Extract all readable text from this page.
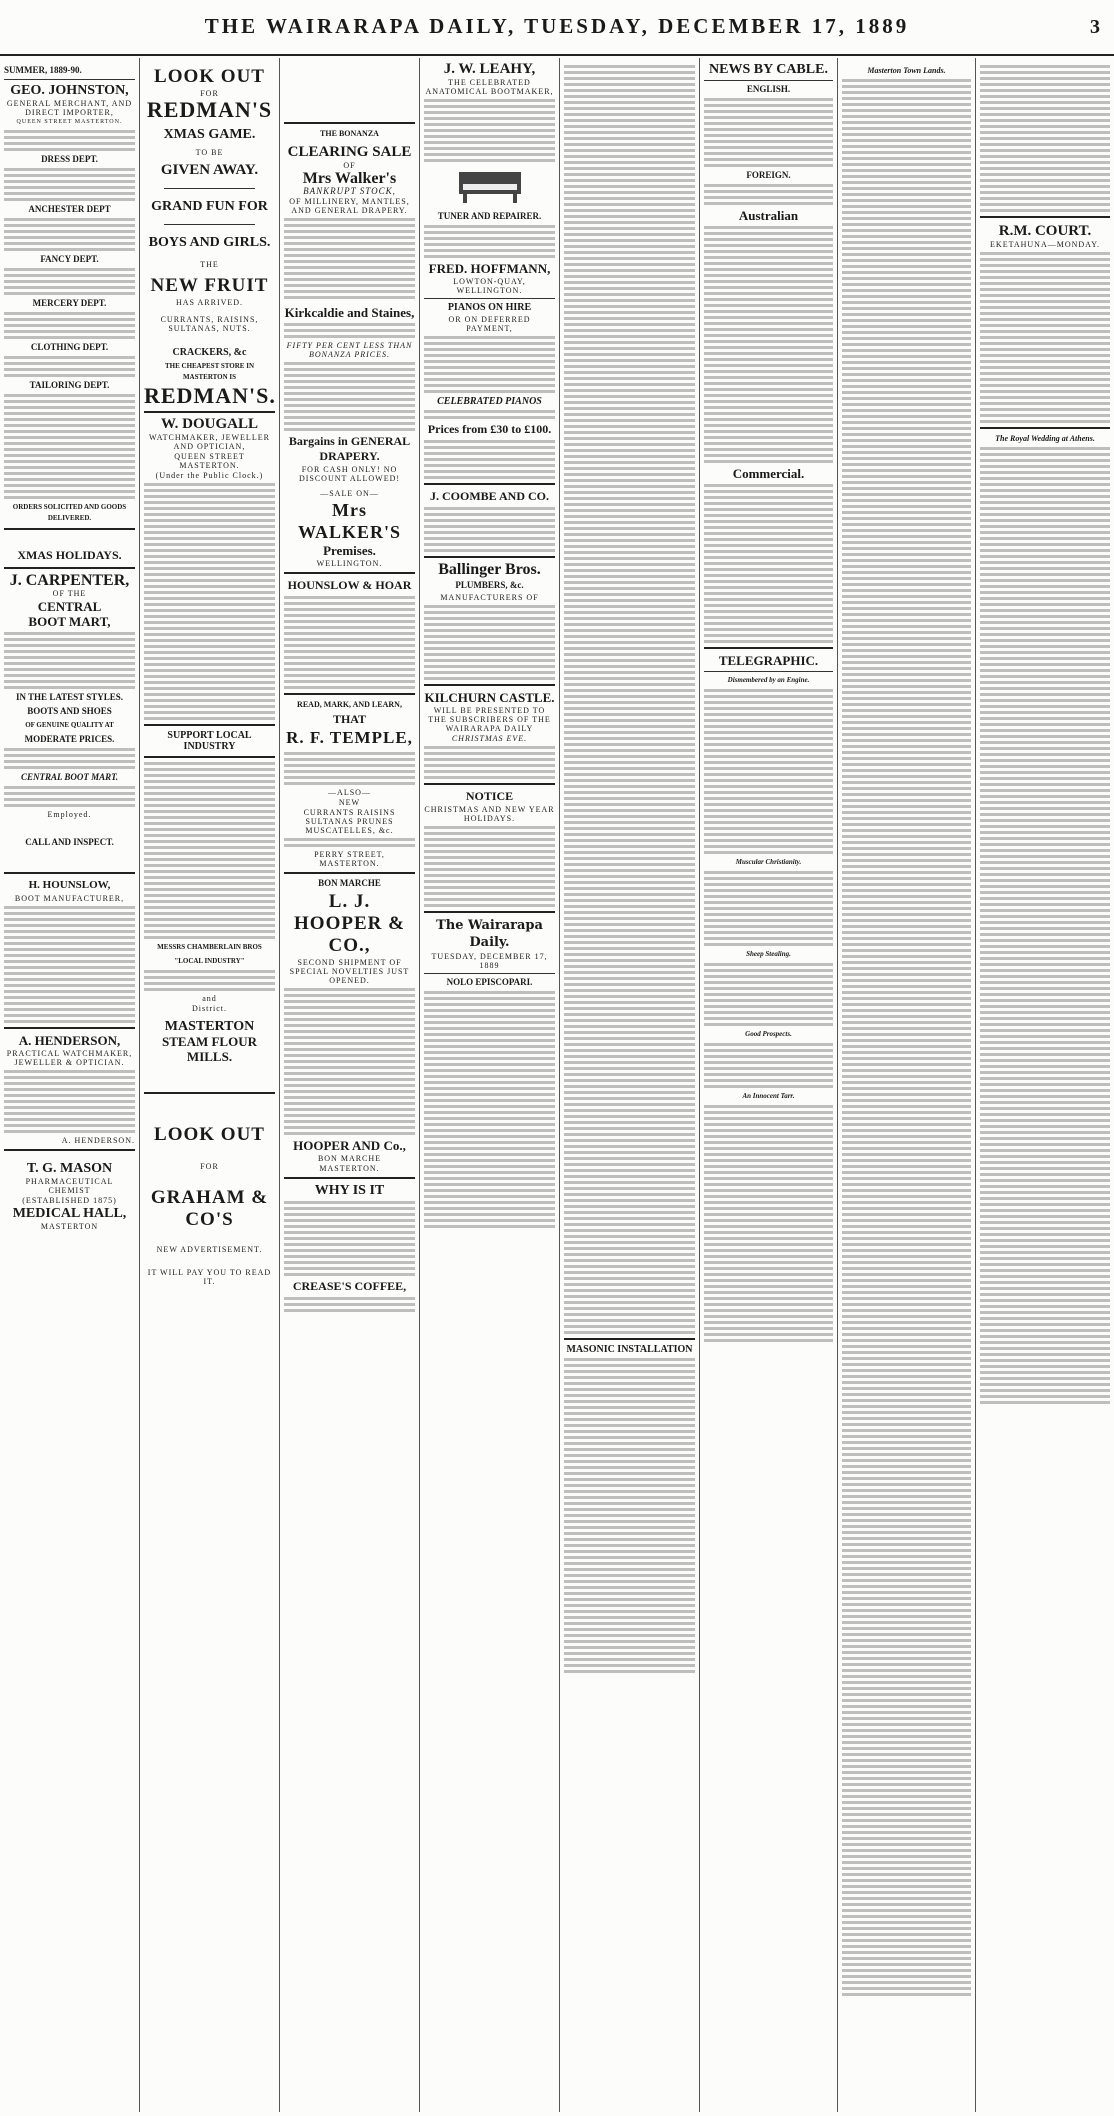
THE WAIRARAPA DAILY, TUESDAY, DECEMBER 17, 1889	3
SUMMER, 1889-90.
GEO. JOHNSTON,
GENERAL MERCHANT, AND DIRECT IMPORTER,
QUEEN STREET MASTERTON.
DRESS DEPT.
ANCHESTER DEPT
FANCY DEPT.
MERCERY DEPT.
CLOTHING DEPT.
TAILORING DEPT.
ORDERS SOLICITED AND GOODS DELIVERED.
XMAS HOLIDAYS.
J. CARPENTER,
OF THE
CENTRAL
BOOT MART,
IN THE LATEST STYLES.
BOOTS AND SHOES
OF GENUINE QUALITY AT
MODERATE PRICES.
CENTRAL BOOT MART.
Employed.
CALL AND INSPECT.
H. HOUNSLOW,
BOOT MANUFACTURER,
A. HENDERSON,
PRACTICAL WATCHMAKER, JEWELLER & OPTICIAN.
A. HENDERSON.
T. G. MASON
PHARMACEUTICAL CHEMIST
(ESTABLISHED 1875)
MEDICAL HALL,
MASTERTON
LOOK OUT
FOR
REDMAN'S
XMAS GAME.
TO BE
GIVEN AWAY.
GRAND FUN FOR
BOYS AND GIRLS.
THE
NEW FRUIT
HAS ARRIVED.
CURRANTS, RAISINS, SULTANAS, NUTS.
CRACKERS, &c
THE CHEAPEST STORE IN MASTERTON IS
REDMAN'S.
W. DOUGALL
WATCHMAKER, JEWELLER AND OPTICIAN,
QUEEN STREET MASTERTON.
(Under the Public Clock.)
SUPPORT LOCAL INDUSTRY
MESSRS CHAMBERLAIN BROS
"LOCAL INDUSTRY"
and
District.
MASTERTON
STEAM FLOUR MILLS.
LOOK OUT
FOR
GRAHAM & CO'S
NEW ADVERTISEMENT.
IT WILL PAY YOU TO READ IT.
THE BONANZA
CLEARING SALE
OF
Mrs Walker's
BANKRUPT STOCK,
OF MILLINERY, MANTLES, AND GENERAL DRAPERY.
Kirkcaldie and Staines,
FIFTY PER CENT LESS THAN BONANZA PRICES.
Bargains in GENERAL DRAPERY.
FOR CASH ONLY! NO DISCOUNT ALLOWED!
—SALE ON—
Mrs WALKER'S
Premises.
WELLINGTON.
HOUNSLOW & HOAR
READ, MARK, AND LEARN,
THAT
R. F. TEMPLE,
—ALSO—
NEW
CURRANTS RAISINS SULTANAS PRUNES MUSCATELLES, &c.
PERRY STREET, MASTERTON.
BON MARCHE
L. J. HOOPER & CO.,
SECOND SHIPMENT OF SPECIAL NOVELTIES JUST OPENED.
HOOPER AND Co.,
BON MARCHE
MASTERTON.
WHY IS IT
CREASE'S COFFEE,
J. W. LEAHY,
THE CELEBRATED ANATOMICAL BOOTMAKER,
TUNER AND REPAIRER.
FRED. HOFFMANN,
LOWTON-QUAY, WELLINGTON.
PIANOS ON HIRE
OR ON DEFERRED PAYMENT,
CELEBRATED PIANOS
Prices from £30 to £100.
J. COOMBE AND CO.
Ballinger Bros.
PLUMBERS, &c.
MANUFACTURERS OF
KILCHURN CASTLE.
WILL BE PRESENTED TO THE SUBSCRIBERS OF THE WAIRARAPA DAILY
CHRISTMAS EVE.
NOTICE
CHRISTMAS AND NEW YEAR HOLIDAYS.
The Wairarapa Daily.
TUESDAY, DECEMBER 17, 1889
NOLO EPISCOPARI.
MASONIC INSTALLATION
NEWS BY CABLE.
ENGLISH.
FOREIGN.
Australian
Commercial.
TELEGRAPHIC.
Dismembered by an Engine.
Muscular Christianity.
Sheep Stealing.
Good Prospects.
An Innocent Tarr.
Masterton Town Lands.
R.M. COURT.
EKETAHUNA—MONDAY.
The Royal Wedding at Athens.
